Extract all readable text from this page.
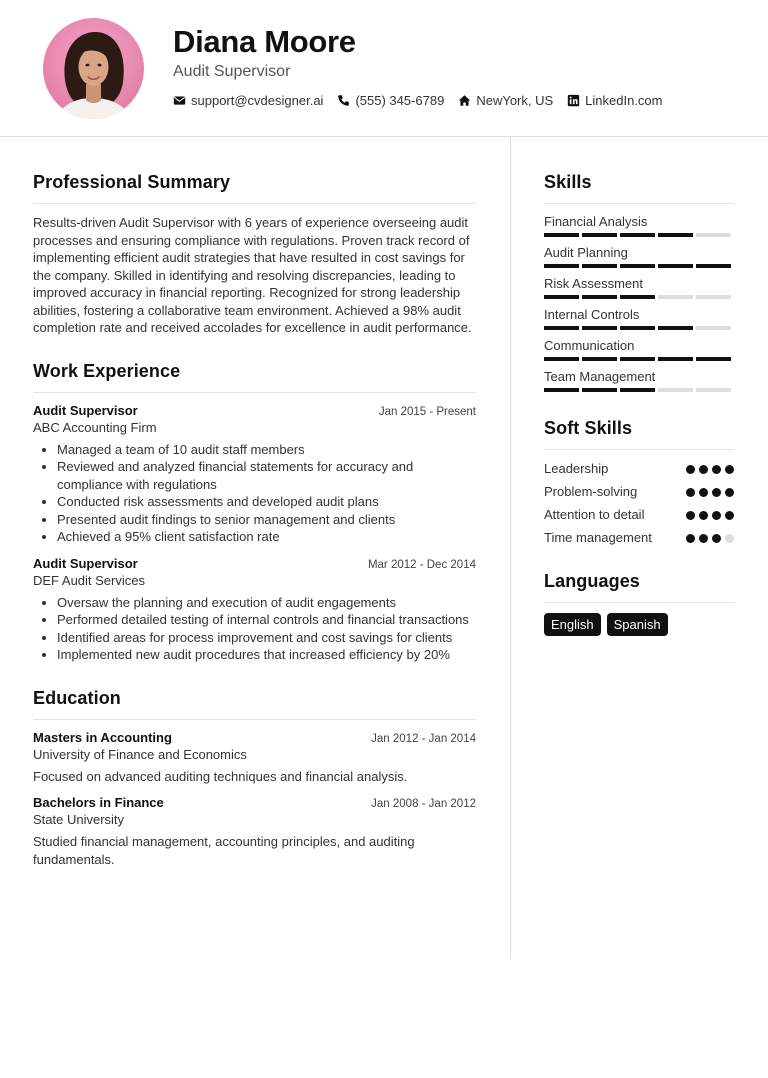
Diana Moore
Audit Supervisor
support@cvdesigner.ai (555) 345-6789 NewYork, US LinkedIn.com
Professional Summary

Results-driven Audit Supervisor with 6 years of experience overseeing audit processes and ensuring compliance with regulations. Proven track record of implementing efficient audit strategies that have resulted in cost savings for the company. Skilled in identifying and resolving discrepancies, leading to improved accuracy in financial reporting. Recognized for strong leadership abilities, fostering a collaborative team environment. Achieved a 98% audit completion rate and received accolades for excellence in audit performance.

Work Experience
Audit Supervisor	Jan 2015 - Present
ABC Accounting Firm
• Managed a team of 10 audit staff members
• Reviewed and analyzed financial statements for accuracy and compliance with regulations
• Conducted risk assessments and developed audit plans
• Presented audit findings to senior management and clients
• Achieved a 95% client satisfaction rate
Audit Supervisor	Mar 2012 - Dec 2014
DEF Audit Services
• Oversaw the planning and execution of audit engagements
• Performed detailed testing of internal controls and financial transactions
• Identified areas for process improvement and cost savings for clients
• Implemented new audit procedures that increased efficiency by 20%
Education
Masters in Accounting	Jan 2012 - Jan 2014
University of Finance and Economics

Focused on advanced auditing techniques and financial analysis.

Bachelors in Finance	Jan 2008 - Jan 2012
State University

Studied financial management, accounting principles, and auditing fundamentals.

Skills
Financial Analysis
Audit Planning
Risk Assessment
Internal Controls
Communication
Team Management
Soft Skills
Leadership
Problem-solving
Attention to detail
Time management
Languages
English	Spanish
